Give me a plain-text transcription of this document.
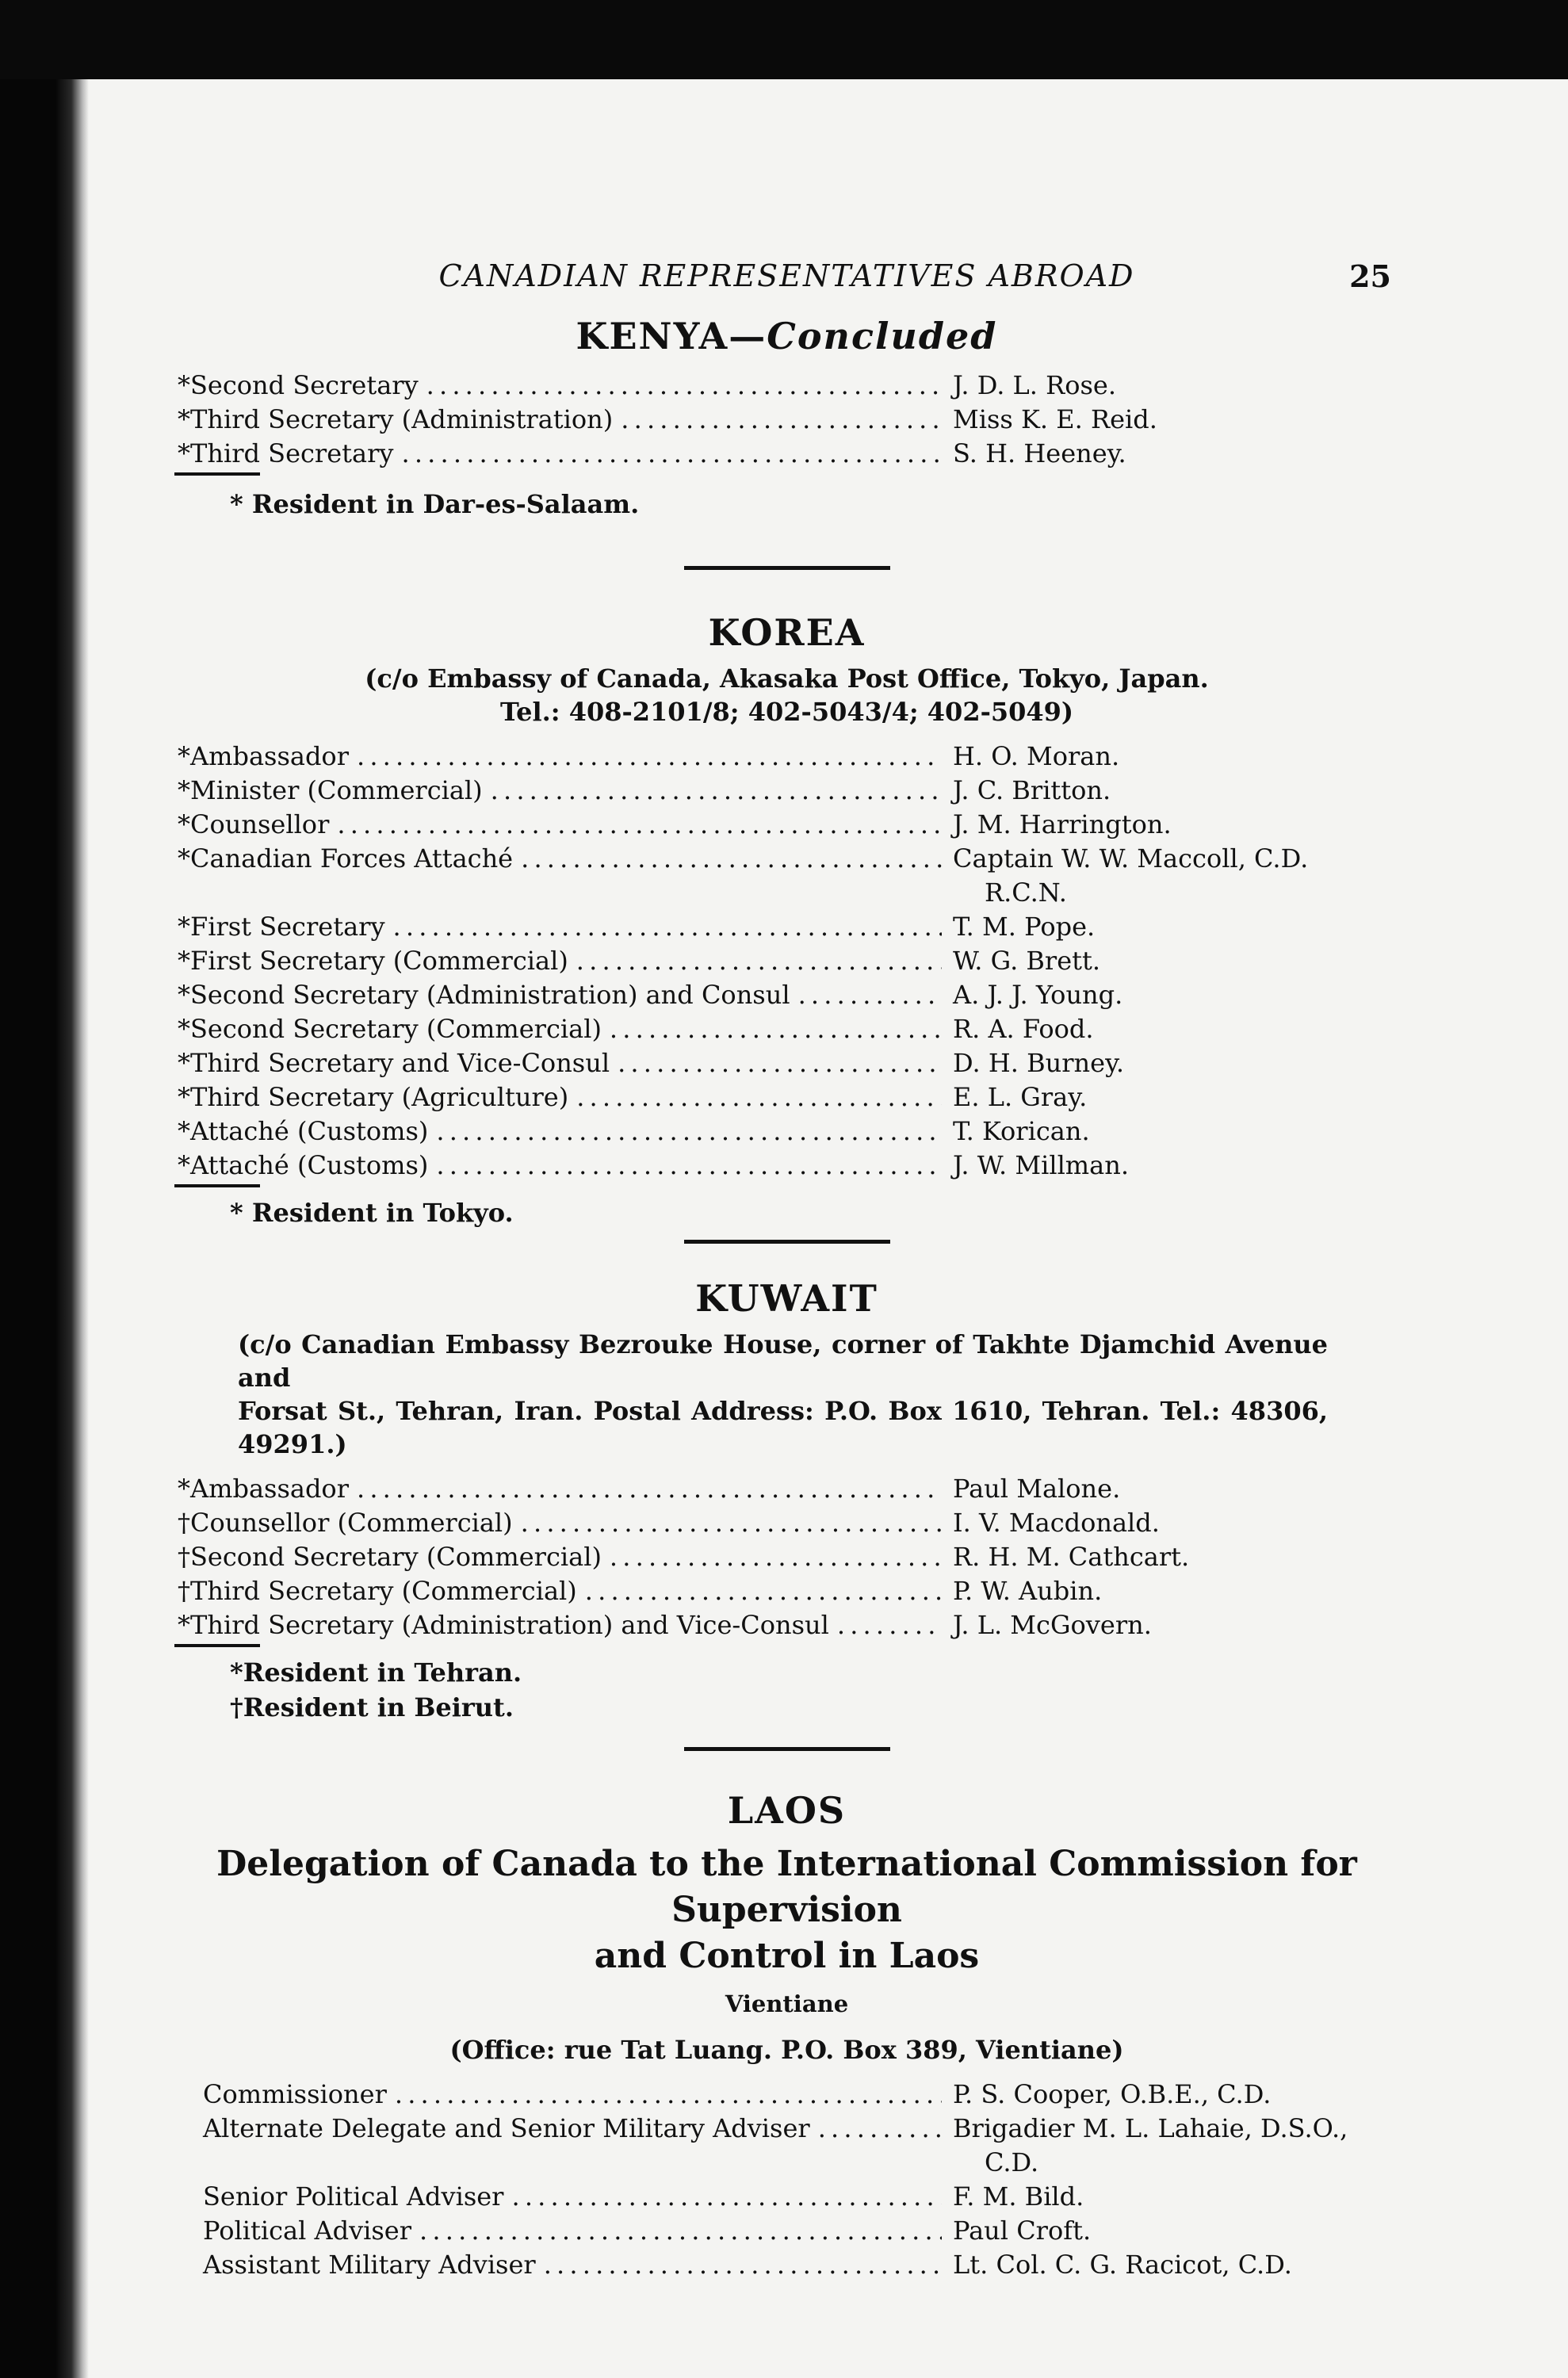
CANADIAN REPRESENTATIVES ABROAD	25
KENYA—Concluded
*Second Secretary . . .	J. D. L. Rose.
*Third Secretary (Administration) . . .	Miss K. E. Reid.
*Third Secretary . . .	S. H. Heeney.
* Resident in Dar-es-Salaam.
KOREA
(c/o Embassy of Canada, Akasaka Post Office, Tokyo, Japan.
Tel.: 408-2101/8; 402-5043/4; 402-5049)
*Ambassador . . .	H. O. Moran.
*Minister (Commercial) . . .	J. C. Britton.
*Counsellor . . .	J. M. Harrington.
*Canadian Forces Attaché . . .	Captain W. W. Maccoll, C.D.
R.C.N.
*First Secretary . . .	T. M. Pope.
*First Secretary (Commercial) . . .	W. G. Brett.
*Second Secretary (Administration) and Consul . . .	A. J. J. Young.
*Second Secretary (Commercial) . . .	R. A. Food.
*Third Secretary and Vice-Consul . . .	D. H. Burney.
*Third Secretary (Agriculture) . . .	E. L. Gray.
*Attaché (Customs) . . .	T. Korican.
*Attaché (Customs) . . .	J. W. Millman.
* Resident in Tokyo.
KUWAIT
(c/o Canadian Embassy Bezrouke House, corner of Takhte Djamchid Avenue and
Forsat St., Tehran, Iran. Postal Address: P.O. Box 1610, Tehran. Tel.: 48306, 49291.)
*Ambassador . . .	Paul Malone.
†Counsellor (Commercial) . . .	I. V. Macdonald.
†Second Secretary (Commercial) . . .	R. H. M. Cathcart.
†Third Secretary (Commercial) . . .	P. W. Aubin.
*Third Secretary (Administration) and Vice-Consul . . .	J. L. McGovern.
*Resident in Tehran.
†Resident in Beirut.
LAOS
Delegation of Canada to the International Commission for Supervision
and Control in Laos
Vientiane
(Office: rue Tat Luang. P.O. Box 389, Vientiane)
Commissioner . . .	P. S. Cooper, O.B.E., C.D.
Alternate Delegate and Senior Military Adviser . . .	Brigadier M. L. Lahaie, D.S.O.,
C.D.
Senior Political Adviser . . .	F. M. Bild.
Political Adviser . . .	Paul Croft.
Assistant Military Adviser . . .	Lt. Col. C. G. Racicot, C.D.
